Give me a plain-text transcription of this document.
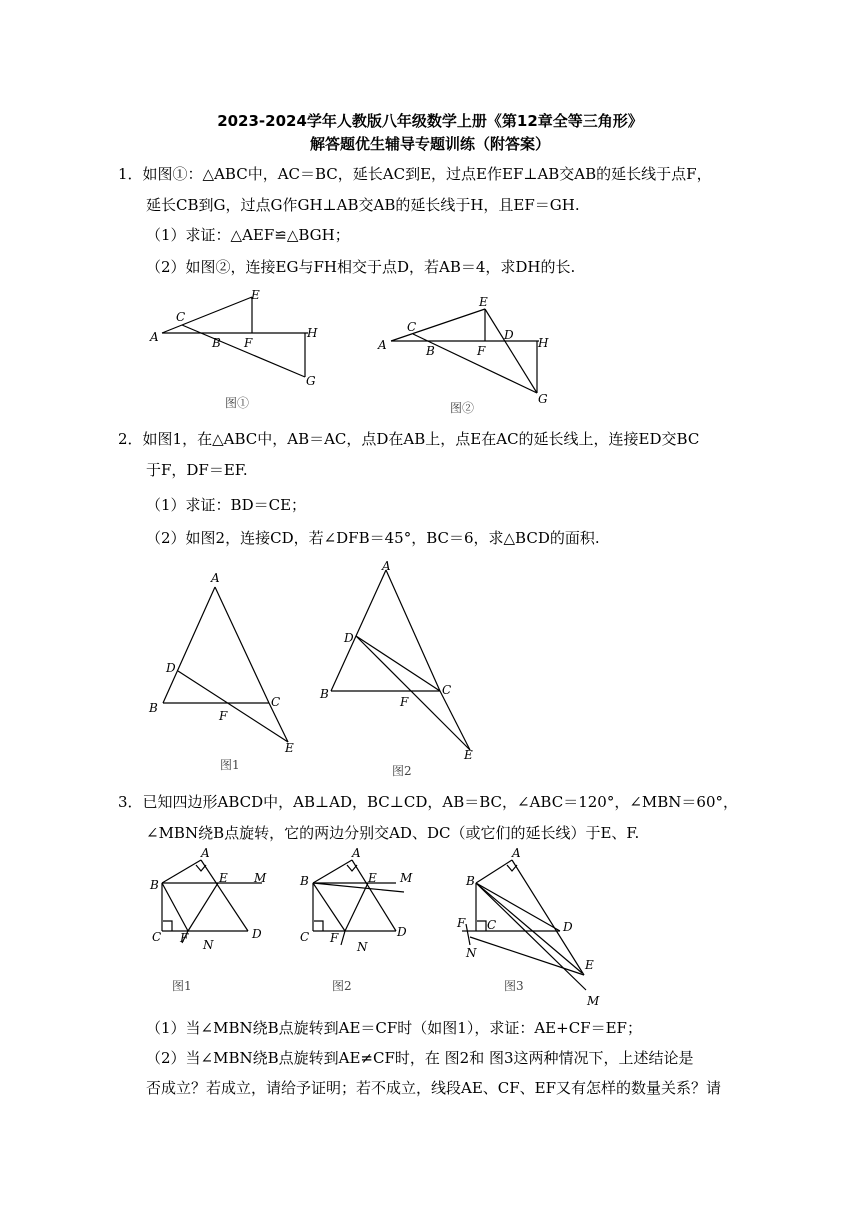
2023-2024学年人教版八年级数学上册《第12章全等三角形》
解答题优生辅导专题训练（附答案）
1．如图①：△ABC中，AC＝BC，延长AC到E，过点E作EF⊥AB交AB的延长线于点F，
延长CB到G，过点G作GH⊥AB交AB的延长线于H，且EF＝GH.
（1）求证：△AEF≌△BGH；
（2）如图②，连接EG与FH相交于点D，若AB＝4，求DH的长.
A
C
B F
E
H
G
图①
A
C
B	F
E
D
H
G
图②
2．如图1，在△ABC中，AB＝AC，点D在AB上，点E在AC的延长线上，连接ED交BC
于F，DF＝EF.
（1）求证：BD＝CE；
（2）如图2，连接CD，若∠DFB＝45°，BC＝6，求△BCD的面积.
A
D
B	C
F
E
图1
A
D
B	C
F
E
图2
3．已知四边形ABCD中，AB⊥AD，BC⊥CD，AB＝BC，∠ABC＝120°，∠MBN＝60°，
∠MBN绕B点旋转，它的两边分别交AD、DC（或它们的延长线）于E、F.
A
B	E M
C F N
D
图1
A
B	E M
C F
N
D
图2
A
B
F C	D
N
E
M
图3
（1）当∠MBN绕B点旋转到AE＝CF时（如图1），求证：AE+CF＝EF；
（2）当∠MBN绕B点旋转到AE≠CF时，在 图2和 图3这两种情况下，上述结论是
否成立？若成立，请给予证明；若不成立，线段AE、CF、EF又有怎样的数量关系？请
